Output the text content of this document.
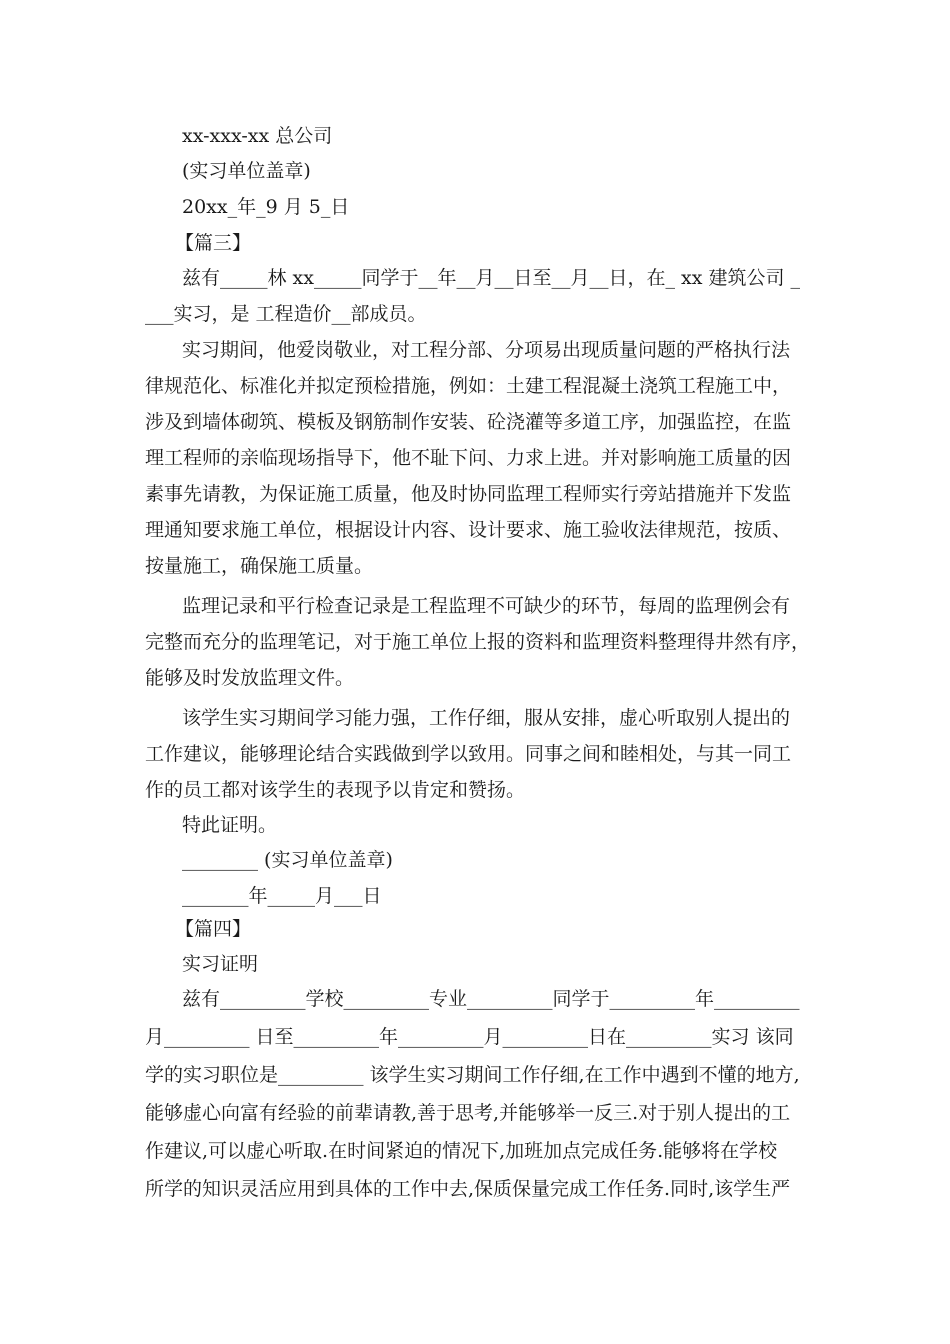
xx-xxx-xx 总公司
(实习单位盖章)
20xx_年_9 月 5_日
【篇三】
兹有_____林 xx_____同学于__年__月__日至__月__日，在_ xx 建筑公司 _
___实习，是 工程造价__部成员。
实习期间，他爱岗敬业，对工程分部、分项易出现质量问题的严格执行法
律规范化、标准化并拟定预检措施，例如：土建工程混凝土浇筑工程施工中，
涉及到墙体砌筑、模板及钢筋制作安装、砼浇灌等多道工序，加强监控，在监
理工程师的亲临现场指导下，他不耻下问、力求上进。并对影响施工质量的因
素事先请教，为保证施工质量，他及时协同监理工程师实行旁站措施并下发监
理通知要求施工单位，根据设计内容、设计要求、施工验收法律规范，按质、
按量施工，确保施工质量。
监理记录和平行检查记录是工程监理不可缺少的环节，每周的监理例会有
完整而充分的监理笔记，对于施工单位上报的资料和监理资料整理得井然有序，
能够及时发放监理文件。
该学生实习期间学习能力强，工作仔细，服从安排，虚心听取别人提出的
工作建议，能够理论结合实践做到学以致用。同事之间和睦相处，与其一同工
作的员工都对该学生的表现予以肯定和赞扬。
特此证明。
________ (实习单位盖章)
_______年_____月___日
【篇四】
实习证明
兹有_________学校_________专业_________同学于_________年_________
月_________ 日至_________年_________月_________日在_________实习 该同
学的实习职位是_________ 该学生实习期间工作仔细,在工作中遇到不懂的地方,
能够虚心向富有经验的前辈请教,善于思考,并能够举一反三.对于别人提出的工
作建议,可以虚心听取.在时间紧迫的情况下,加班加点完成任务.能够将在学校
所学的知识灵活应用到具体的工作中去,保质保量完成工作任务.同时,该学生严
